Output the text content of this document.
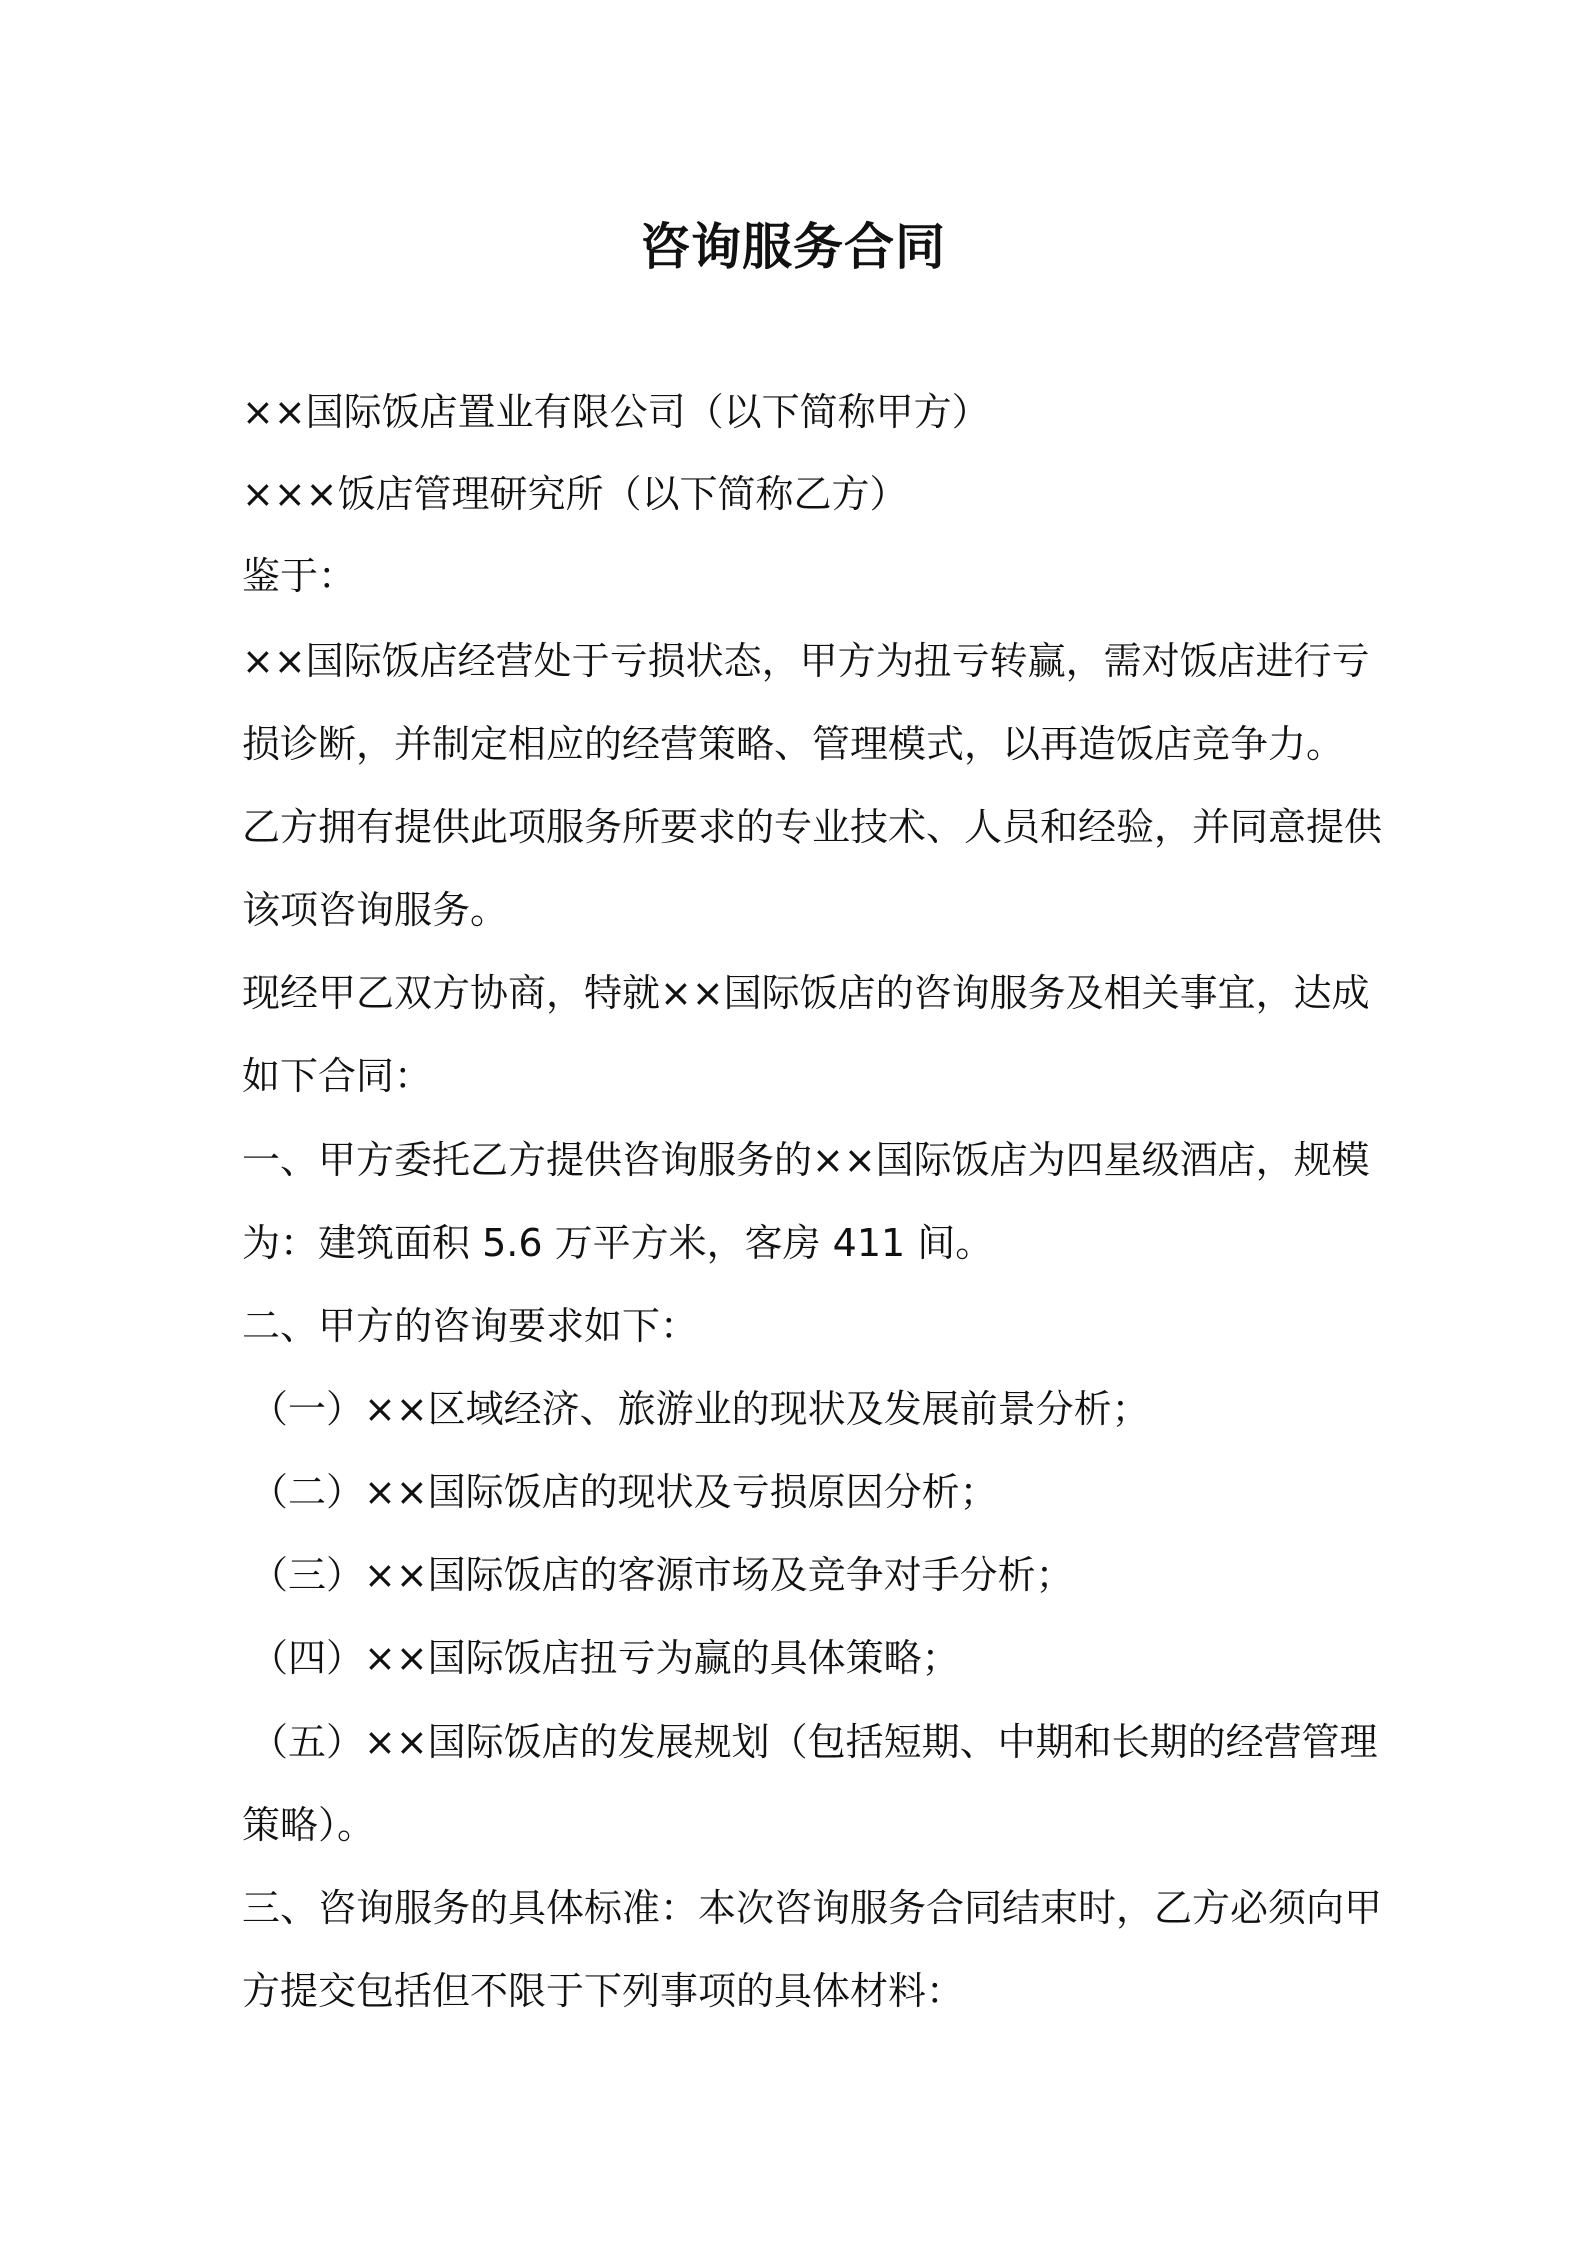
咨询服务合同
××国际饭店置业有限公司（以下简称甲方）
×××饭店管理研究所（以下简称乙方）
鉴于：
××国际饭店经营处于亏损状态，甲方为扭亏转赢，需对饭店进行亏
损诊断，并制定相应的经营策略、管理模式，以再造饭店竞争力。
乙方拥有提供此项服务所要求的专业技术、人员和经验，并同意提供
该项咨询服务。
现经甲乙双方协商，特就××国际饭店的咨询服务及相关事宜，达成
如下合同：
一、甲方委托乙方提供咨询服务的××国际饭店为四星级酒店，规模
为：建筑面积 5.6 万平方米，客房 411 间。
二、甲方的咨询要求如下：
（一）××区域经济、旅游业的现状及发展前景分析；
（二）××国际饭店的现状及亏损原因分析；
（三）××国际饭店的客源市场及竞争对手分析；
（四）××国际饭店扭亏为赢的具体策略；
（五）××国际饭店的发展规划（包括短期、中期和长期的经营管理
策略）。
三、咨询服务的具体标准：本次咨询服务合同结束时，乙方必须向甲
方提交包括但不限于下列事项的具体材料：
